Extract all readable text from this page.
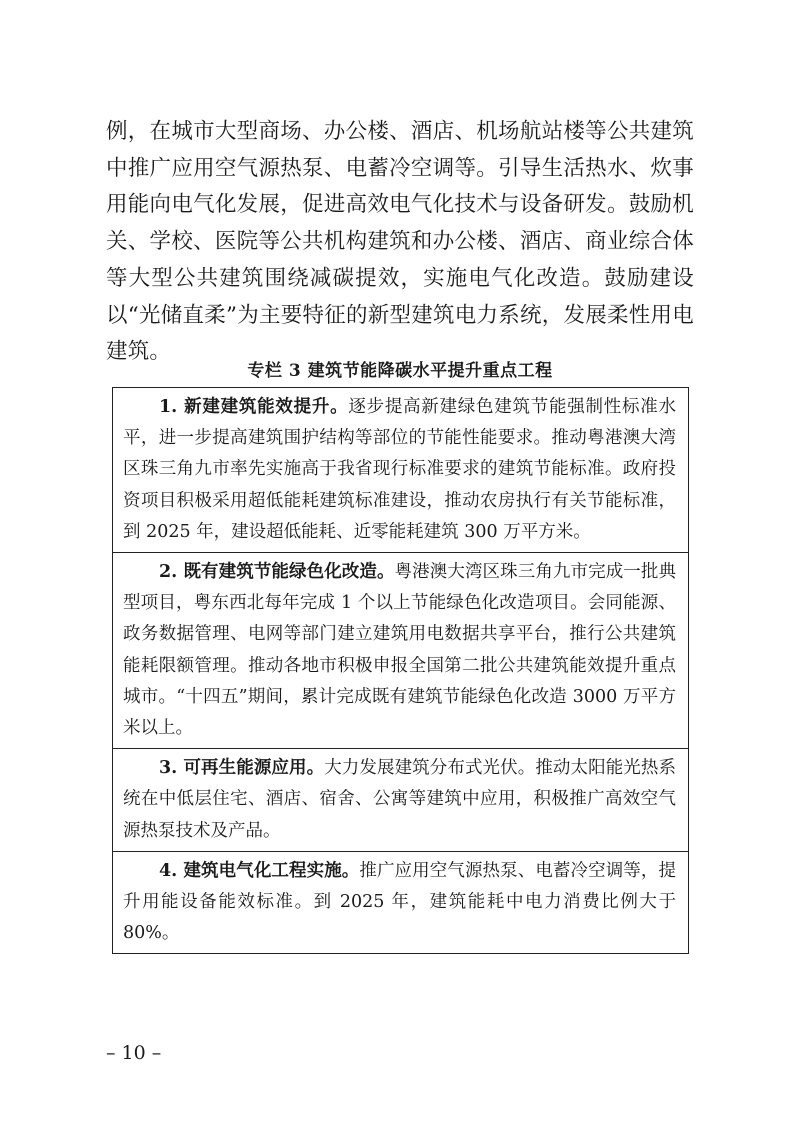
例，在城市大型商场、办公楼、酒店、机场航站楼等公共建筑中推广应用空气源热泵、电蓄冷空调等。引导生活热水、炊事用能向电气化发展，促进高效电气化技术与设备研发。鼓励机关、学校、医院等公共机构建筑和办公楼、酒店、商业综合体等大型公共建筑围绕减碳提效，实施电气化改造。鼓励建设以“光储直柔”为主要特征的新型建筑电力系统，发展柔性用电建筑。

专栏 3 建筑节能降碳水平提升重点工程
1. 新建建筑能效提升。逐步提高新建绿色建筑节能强制性标准水平，进一步提高建筑围护结构等部位的节能性能要求。推动粤港澳大湾区珠三角九市率先实施高于我省现行标准要求的建筑节能标准。政府投资项目积极采用超低能耗建筑标准建设，推动农房执行有关节能标准，到 2025 年，建设超低能耗、近零能耗建筑 300 万平方米。
2. 既有建筑节能绿色化改造。粤港澳大湾区珠三角九市完成一批典型项目，粤东西北每年完成 1 个以上节能绿色化改造项目。会同能源、政务数据管理、电网等部门建立建筑用电数据共享平台，推行公共建筑能耗限额管理。推动各地市积极申报全国第二批公共建筑能效提升重点城市。“十四五”期间，累计完成既有建筑节能绿色化改造 3000 万平方米以上。
3. 可再生能源应用。大力发展建筑分布式光伏。推动太阳能光热系统在中低层住宅、酒店、宿舍、公寓等建筑中应用，积极推广高效空气源热泵技术及产品。
4. 建筑电气化工程实施。推广应用空气源热泵、电蓄冷空调等，提升用能设备能效标准。到 2025 年，建筑能耗中电力消费比例大于 80%。
– 10 –
